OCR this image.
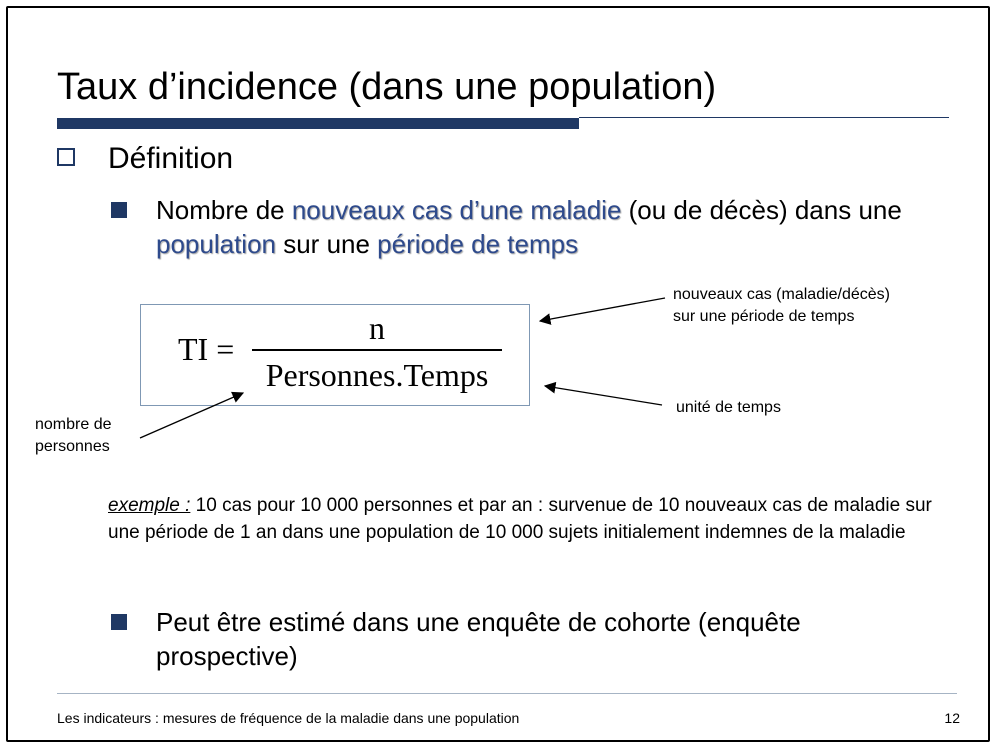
Taux d’incidence (dans une population)
Définition
Nombre de nouveaux cas d’une maladie (ou de décès) dans une population sur une période de temps
TI =
n
Personnes.Temps
nouveaux cas (maladie/décès)
sur une période de temps
unité de temps
nombre de
personnes
exemple : 10 cas pour 10 000 personnes et par an : survenue de 10 nouveaux cas de maladie sur une période de 1 an dans une population de 10 000 sujets initialement indemnes de la maladie
Peut être estimé dans une enquête de cohorte (enquête prospective)
Les indicateurs : mesures de fréquence de la maladie dans une population	12
